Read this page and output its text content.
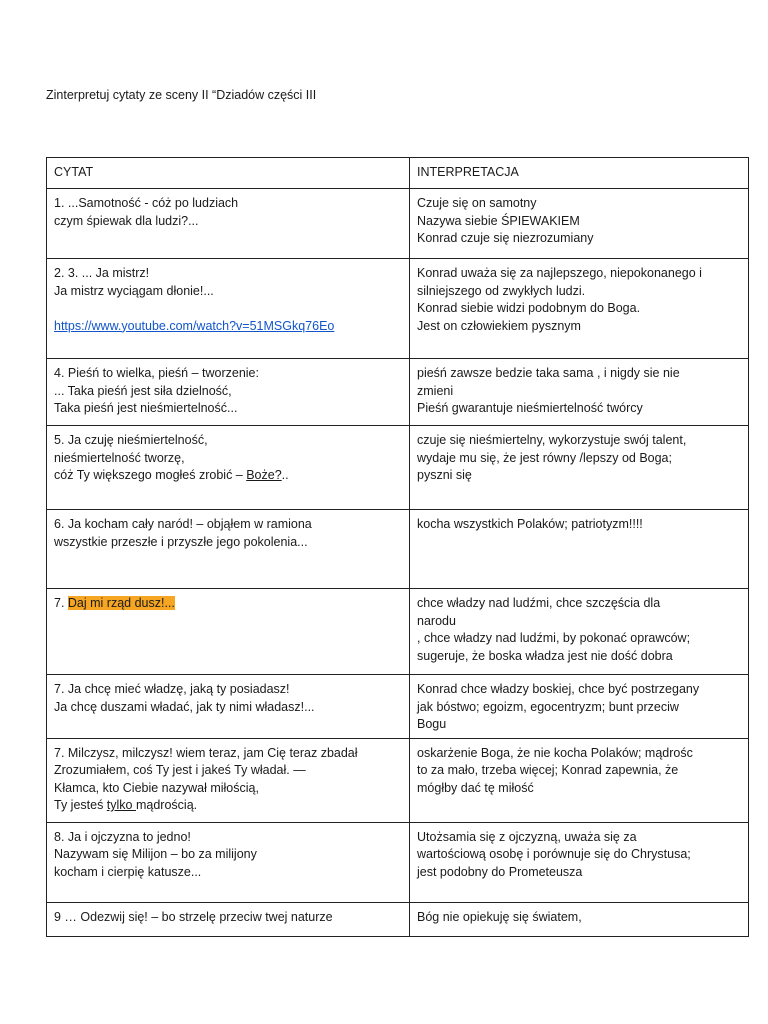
Zinterpretuj cytaty ze sceny II “Dziadów części III
CYTAT	INTERPRETACJA

1. ...Samotność - cóż po ludziach
czym śpiewak dla ludzi?...	Czuje się on samotny
Nazywa siebie ŚPIEWAKIEM
Konrad czuje się niezrozumiany

2. 3. ... Ja mistrz!
Ja mistrz wyciągam dłonie!...
https://www.youtube.com/watch?v=51MSGkq76Eo	Konrad uważa się za najlepszego, niepokonanego i
silniejszego od zwykłych ludzi.
Konrad siebie widzi podobnym do Boga.
Jest on człowiekiem pysznym

4. Pieśń to wielka, pieśń – tworzenie:
... Taka pieśń jest siła dzielność,
Taka pieśń jest nieśmiertelność...	pieśń zawsze bedzie taka sama , i nigdy sie nie
zmieni
Pieśń gwarantuje nieśmiertelność twórcy

5. Ja czuję nieśmiertelność,
nieśmiertelność tworzę,
cóż Ty większego mogłeś zrobić – Boże?..	czuje się nieśmiertelny, wykorzystuje swój talent,
wydaje mu się, że jest równy /lepszy od Boga;
pyszni się

6. Ja kocham cały naród! – objąłem w ramiona
wszystkie przeszłe i przyszłe jego pokolenia...	kocha wszystkich Polaków; patriotyzm!!!!

7. Daj mi rząd dusz!...	chce władzy nad ludźmi, chce szczęścia dla
narodu
, chce władzy nad ludźmi, by pokonać oprawców;
sugeruje, że boska władza jest nie dość dobra

7. Ja chcę mieć władzę, jaką ty posiadasz!
Ja chcę duszami władać, jak ty nimi władasz!...	Konrad chce władzy boskiej, chce być postrzegany
jak bóstwo; egoizm, egocentryzm; bunt przeciw
Bogu

7. Milczysz, milczysz! wiem teraz, jam Cię teraz zbadał
Zrozumiałem, coś Ty jest i jakeś Ty władał. —
Kłamca, kto Ciebie nazywał miłością,
Ty jesteś tylko mądrością.	oskarżenie Boga, że nie kocha Polaków; mądrośc
to za mało, trzeba więcej; Konrad zapewnia, że
mógłby dać tę miłość

8. Ja i ojczyzna to jedno!
Nazywam się Milijon – bo za milijony
kocham i cierpię katusze...	Utożsamia się z ojczyzną, uważa się za
wartościową osobę i porównuje się do Chrystusa;
jest podobny do Prometeusza

9 … Odezwij się! – bo strzelę przeciw twej naturze	Bóg nie opiekuję się światem,
